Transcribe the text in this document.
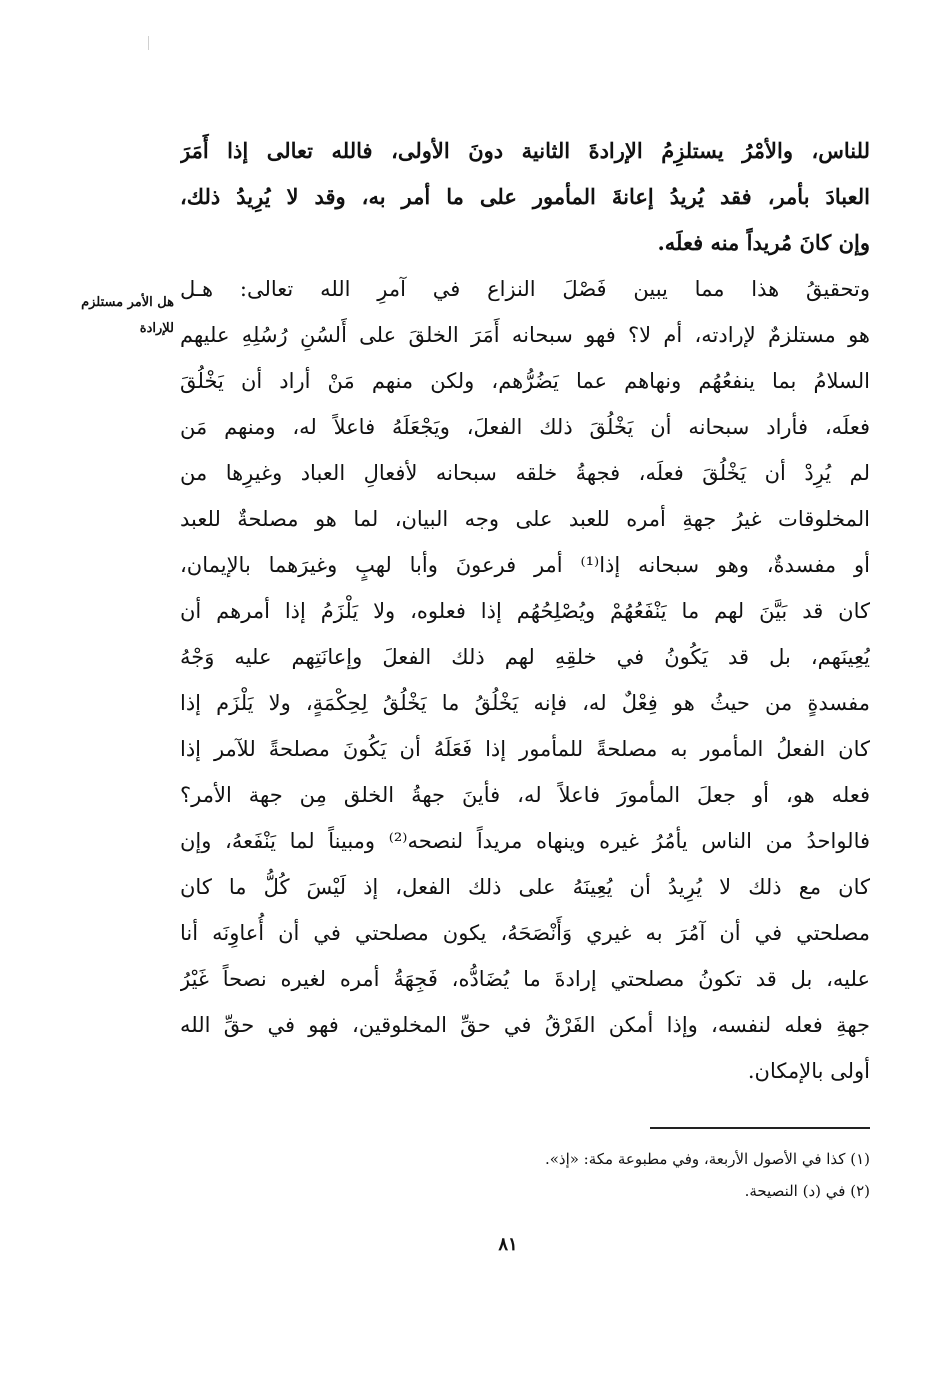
هل الأمر مستلزم
للإرادة
للناس، والأمْرُ يستلزِمُ الإرادةَ الثانية دونَ الأولى، فالله تعالى إذا أَمَرَ
العبادَ بأمر، فقد يُريدُ إعانةَ المأمور على ما أمر به، وقد لا يُرِيدُ ذلك،
وإن كانَ مُريداً منه فعلَه.
وتحقيقُ هذا مما يبين فَصْلَ النزاع في آمرِ الله تعالى: هـل
هو مستلزمٌ لإرادته، أم لا؟ فهو سبحانه أَمَرَ الخلقَ على أَلسُنِ رُسُلِهِ عليهم
السلامُ بما ينفعُهُم ونهاهم عما يَضُرُّهم، ولكن منهم مَنْ أراد أن يَخْلُقَ
فعلَه، فأراد سبحانه أن يَخْلُقَ ذلك الفعلَ، ويَجْعَلَهُ فاعلاً له، ومنهم مَن
لم يُرِدْ أن يَخْلُقَ فعلَه، فجهةُ خلقه سبحانه لأفعالِ العباد وغيرِها من
المخلوقات غيرُ جهةِ أمره للعبد على وجه البيان، لما هو مصلحةٌ للعبد
أو مفسدةٌ، وهو سبحانه إذا⁽¹⁾ أمر فرعونَ وأبا لهبٍ وغيرَهما بالإيمان،
كان قد بَيَّنَ لهم ما يَنْفَعُهُمْ ويُصْلِحُهُم إذا فعلوه، ولا يَلْزَمُ إذا أمرهم أن
يُعِينَهم، بل قد يَكُونُ في خلقِهِ لهم ذلك الفعلَ وإعانَتِهم عليه وَجْهُ
مفسدةٍ من حيثُ هو فِعْلٌ له، فإنه يَخْلُقُ ما يَخْلُقُ لِحِكْمَةٍ، ولا يَلْزَم إذا
كان الفعلُ المأمور به مصلحةً للمأمور إذا فَعَلَهُ أن يَكُونَ مصلحةً للآمر إذا
فعله هو، أو جعلَ المأمورَ فاعلاً له، فأينَ جهةُ الخلق مِن جهة الأمر؟
فالواحدُ من الناس يأمُرُ غيره وينهاه مريداً لنصحه⁽²⁾ ومبيناً لما يَنْفَعهُ، وإن
كان مع ذلك لا يُرِيدُ أن يُعِينَهُ على ذلك الفعل، إذ لَيْسَ كُلُّ ما كان
مصلحتي في أن آمُرَ به غيري وَأَنْصَحَهُ، يكون مصلحتي في أن أُعاوِنَه أنا
عليه، بل قد تكونُ مصلحتي إرادةَ ما يُضَادُّه، فَجِهَةُ أمره لغيره نصحاً غَيْرُ
جهةِ فعله لنفسه، وإذا أمكن الفَرْقُ في حقِّ المخلوقين، فهو في حقِّ الله
أولى بالإمكان.
(١) كذا في الأصول الأربعة، وفي مطبوعة مكة: «إذ».
(٢) في (د) النصيحة.
٨١
